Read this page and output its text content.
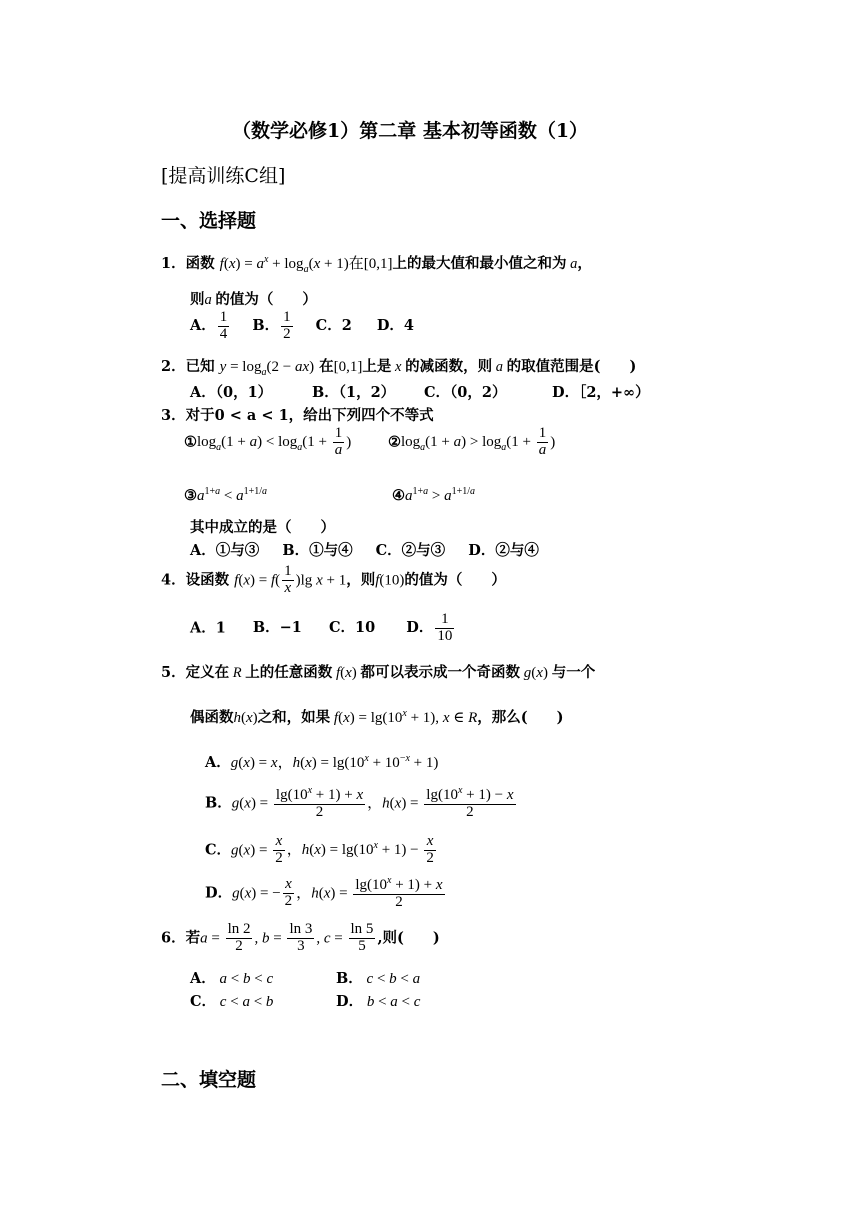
（数学必修1）第二章 基本初等函数（1）
[提高训练C组]
一、选择题
1．函数 $f(x) = a^x + \log_a(x + 1)$在[0,1]上的最大值和最小值之和为 a，
则a 的值为（　　）
A． $\frac{1}{4}$ B． $\frac{1}{2}$ C．2 D．4
2．已知 $y = \log_a(2 - ax)$ 在[0,1]上是 x 的减函数，则 a 的取值范围是(　　)
A．（0，1）	B．（1，2） C．（0，2）	D．［2，+∞）
3．对于0 < a < 1，给出下列四个不等式
$①\log_a(1 + a) < \log_a(1 + \frac{1}{a}$ )	$②\log_a(1 + a) > \log_a(1 + \frac{1}{a}$ )
$③a^{1+a} < a^{1+1/a}$	$④a^{1+a} > a^{1+1/a}$
其中成立的是（　　）
A．①与③ B．①与④ C．②与③ D．②与④
4．设函数 $f(x) = f( \frac{1}{x} )\lg$ x + 1，则f(10)的值为（　　）
A．1 B．−1 C．10 D． $\frac{1}{10}$
5．定义在 R 上的任意函数 f(x) 都可以表示成一个奇函数 g(x) 与一个
偶函数h(x)之和，如果 $f(x) = \lg(10^x + 1)$, x ∈ R，那么(　　)
A．g(x) = x，$h(x) = \lg(10^x + 10^{-x} + 1)$
B．$g(x) = \frac{\lg(10^x + 1) + x}{2}$ ，$h(x) = \frac{\lg(10^x + 1) - x}{2}$
C．$g(x) = \frac{x}{2}$ ，$h(x) = \lg(10^x + 1) - \frac{x}{2}$
D．g(x) = − $\frac{x}{2}$ ，$h(x) = \frac{\lg(10^x + 1) + x}{2}$
6．若$a = \frac{\ln 2}{2}$ , $b = \frac{\ln 3}{3}$ , $c = \frac{\ln 5}{5}$ ,则(　　)
A． a < b < c	B． c < b < a
C． c < a < b	D． b < a < c
二、填空题
